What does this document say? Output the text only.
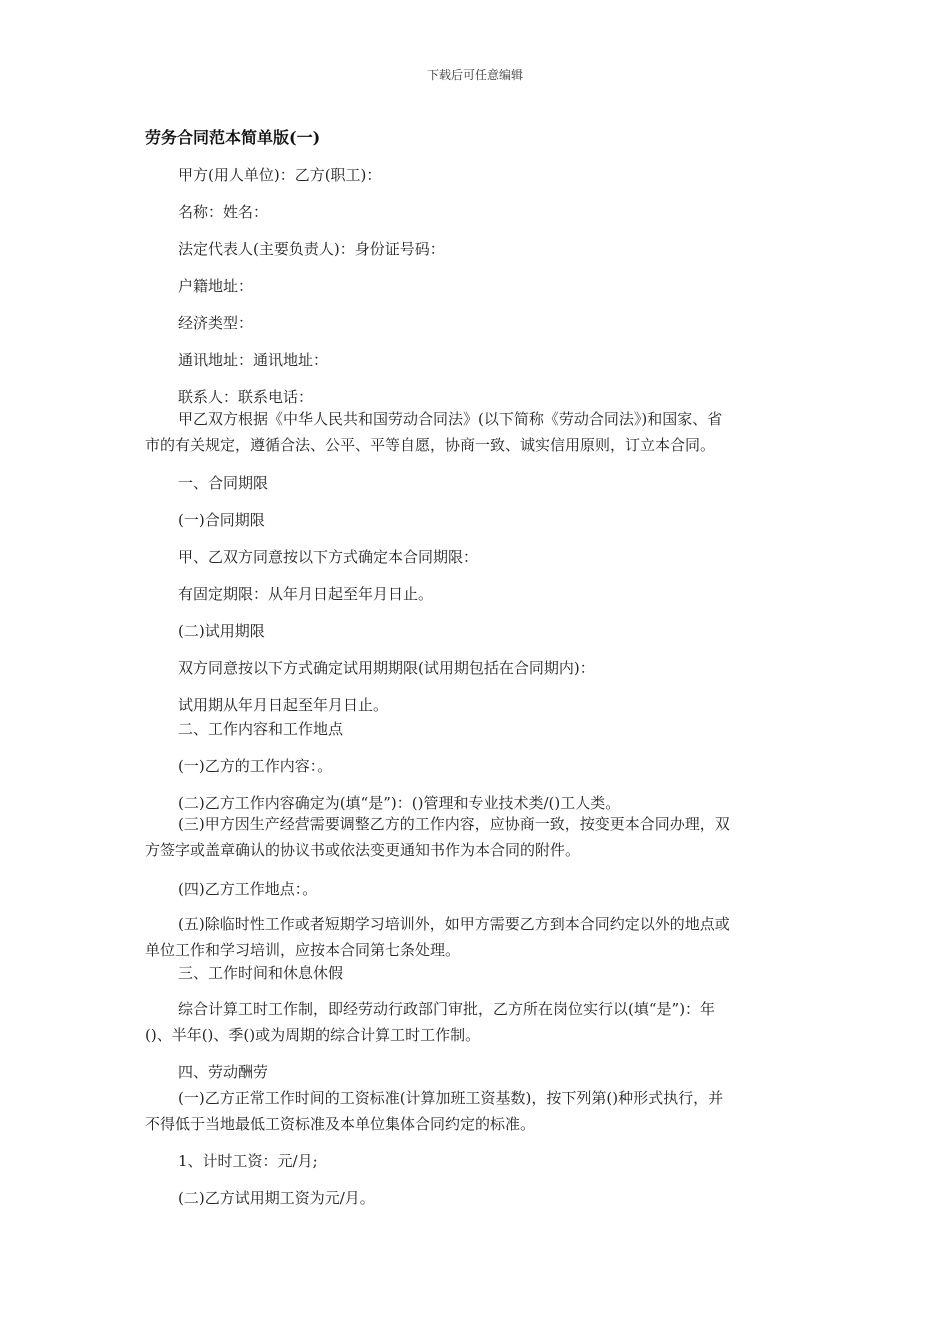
下载后可任意编辑
劳务合同范本简单版(一)
甲方(用人单位)：乙方(职工)：
名称：姓名：
法定代表人(主要负责人)：身份证号码：
户籍地址：
经济类型：
通讯地址：通讯地址：
联系人：联系电话：
甲乙双方根据《中华人民共和国劳动合同法》(以下简称《劳动合同法》)和国家、省
市的有关规定，遵循合法、公平、平等自愿，协商一致、诚实信用原则，订立本合同。
一、合同期限
(一)合同期限
甲、乙双方同意按以下方式确定本合同期限：
有固定期限：从年月日起至年月日止。
(二)试用期限
双方同意按以下方式确定试用期期限(试用期包括在合同期内)：
试用期从年月日起至年月日止。
二、工作内容和工作地点
(一)乙方的工作内容：。
(二)乙方工作内容确定为(填“是”)：()管理和专业技术类/()工人类。
(三)甲方因生产经营需要调整乙方的工作内容，应协商一致，按变更本合同办理，双
方签字或盖章确认的协议书或依法变更通知书作为本合同的附件。
(四)乙方工作地点：。
(五)除临时性工作或者短期学习培训外，如甲方需要乙方到本合同约定以外的地点或
单位工作和学习培训，应按本合同第七条处理。
三、工作时间和休息休假
综合计算工时工作制，即经劳动行政部门审批，乙方所在岗位实行以(填“是”)：年
()、半年()、季()或为周期的综合计算工时工作制。
四、劳动酬劳
(一)乙方正常工作时间的工资标准(计算加班工资基数)，按下列第()种形式执行，并
不得低于当地最低工资标准及本单位集体合同约定的标准。
1、计时工资：元/月;
(二)乙方试用期工资为元/月。
